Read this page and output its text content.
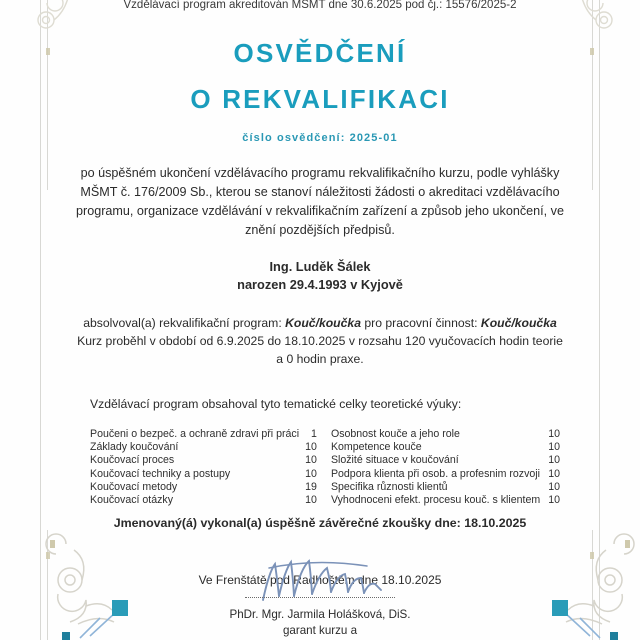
Vzdělávací program akreditován MŠMT dne 30.6.2025 pod čj.: 15576/2025-2
OSVĚDČENÍ
O REKVALIFIKACI
číslo osvědčení: 2025-01
po úspěšném ukončení vzdělávacího programu rekvalifikačního kurzu, podle vyhlášky MŠMT č. 176/2009 Sb., kterou se stanoví náležitosti žádosti o akreditaci vzdělávacího programu, organizace vzdělávání v rekvalifikačním zařízení a způsob jeho ukončení, ve znění pozdějších předpisů.
Ing. Luděk Šálek
narozen 29.4.1993 v Kyjově
absolvoval(a) rekvalifikační program: Kouč/koučka pro pracovní činnost: Kouč/koučka
Kurz proběhl v období od 6.9.2025 do 18.10.2025 v rozsahu 120 vyučovacích hodin teorie
a 0 hodin praxe.
Vzdělávací program obsahoval tyto tematické celky teoretické výuky:
Poučeni o bezpeč. a ochraně zdravi při práci	1
Základy koučování	10
Koučovací proces	10
Koučovací techniky a postupy	10
Koučovací metody	19
Koučovací otázky	10
Osobnost kouče a jeho role	10
Kompetence kouče	10
Složité situace v koučování	10
Podpora klienta při osob. a profesnim rozvoji 10
Specifika různosti klientů	10
Vyhodnoceni efekt. procesu kouč. s klientem 10
Jmenovaný(á) vykonal(a) úspěšně závěrečné zkoušky dne: 18.10.2025
Ve Frenštátě pod Radhoštěm dne 18.10.2025
PhDr. Mgr. Jarmila Holášková, DiS.
garant kurzu a
